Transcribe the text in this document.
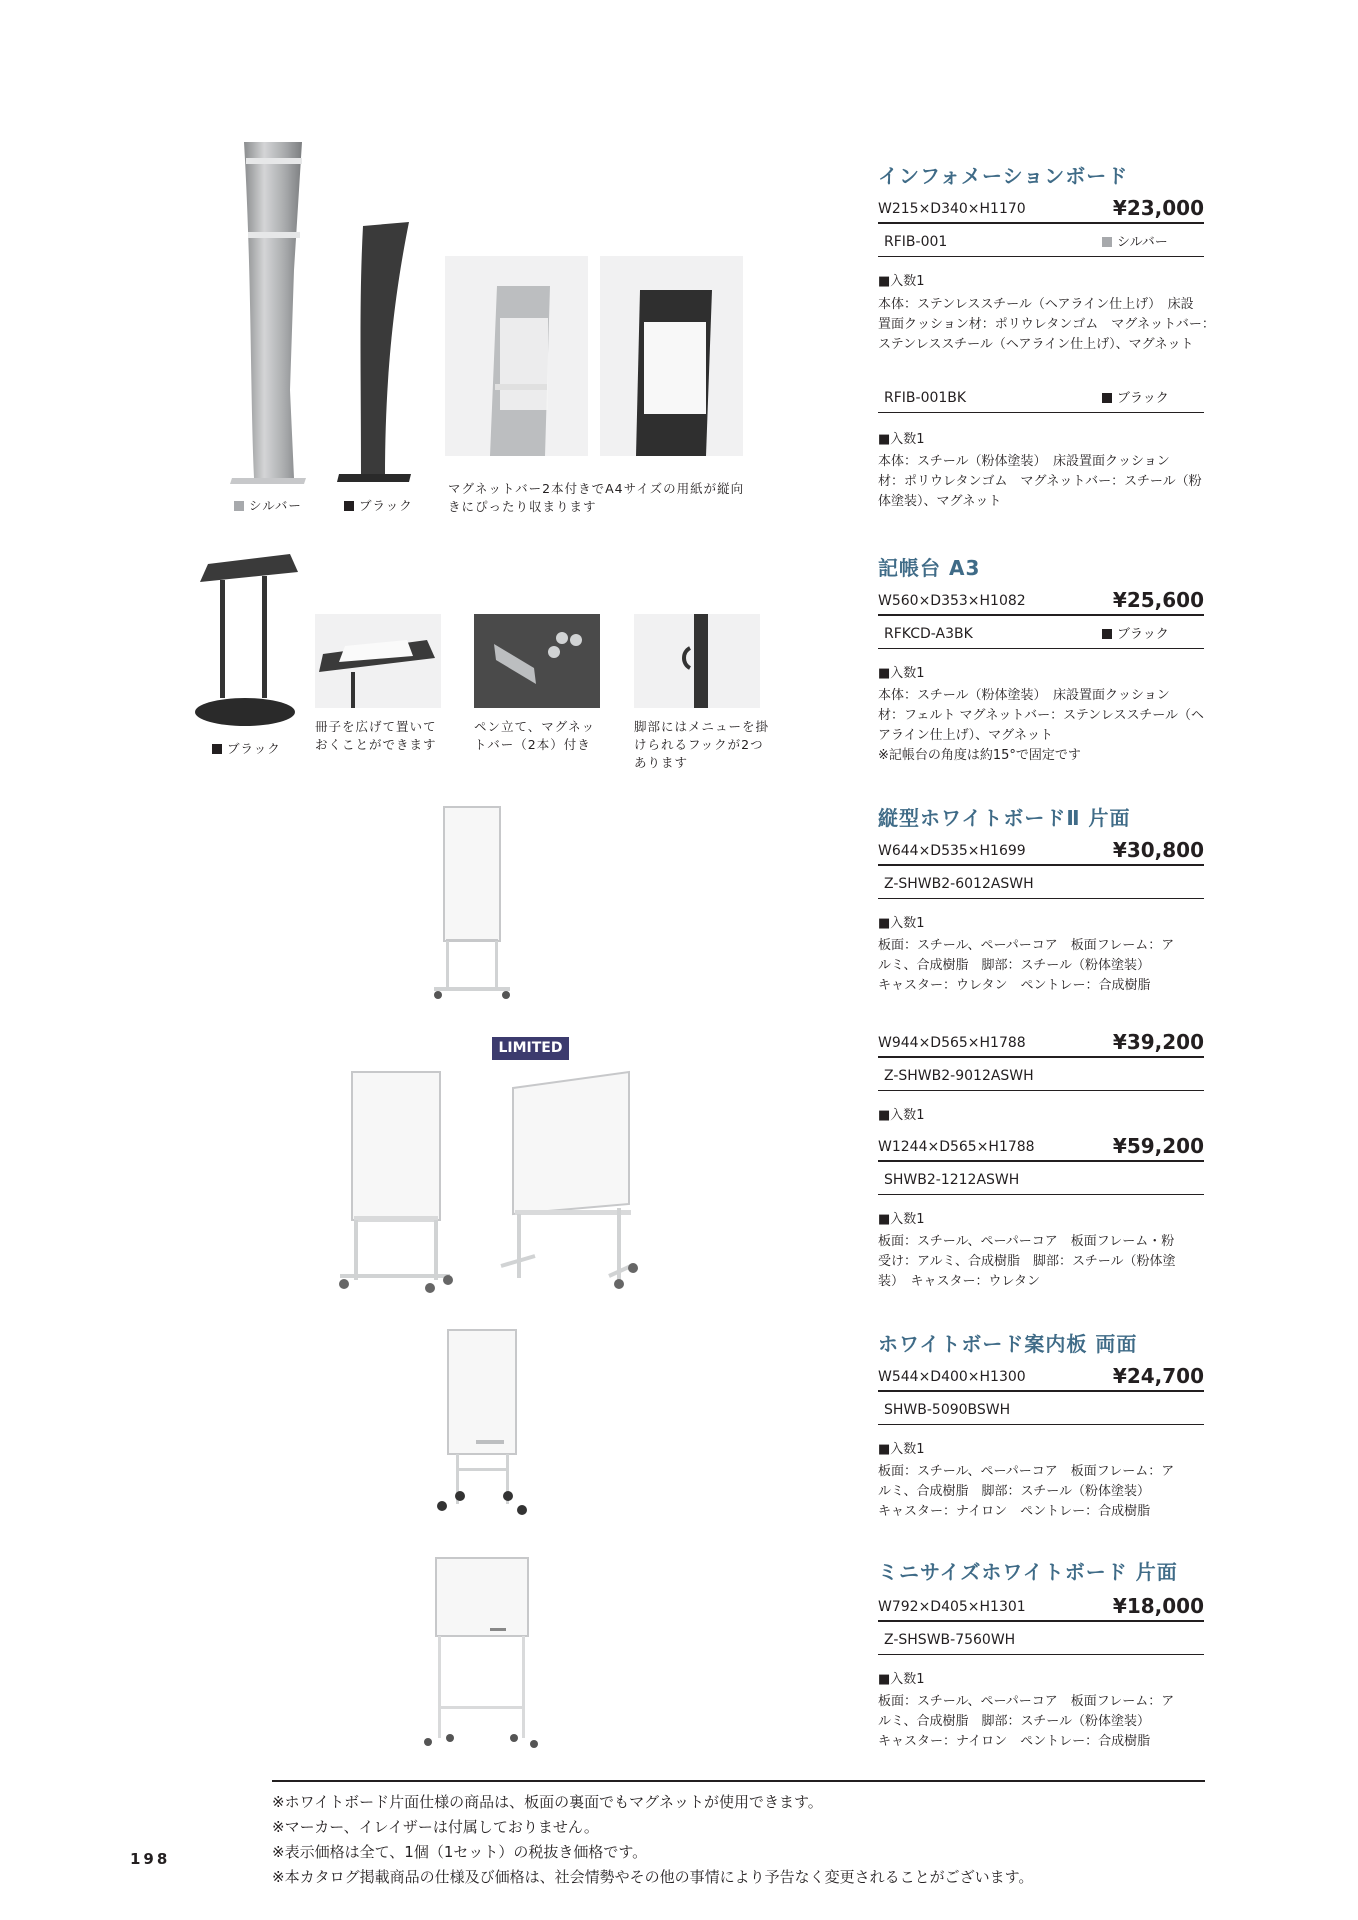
シルバー	ブラック
マグネットバー2本付きでA4サイズの用紙が縦向
きにぴったり収まります
ブラック
冊子を広げて置いて
おくことができます
ペン立て、マグネッ
トバー（2本）付き
脚部にはメニューを掛
けられるフックが2つ
あります
LIMITED
インフォメーションボード
W215×D340×H1170	¥23,000
RFIB-001	シルバー
■入数1
本体：ステンレススチール（ヘアライン仕上げ）　床設
置面クッション材：ポリウレタンゴム　マグネットバー：
ステンレススチール（ヘアライン仕上げ）、マグネット
RFIB-001BK	ブラック
■入数1
本体：スチール（粉体塗装）　床設置面クッション
材：ポリウレタンゴム　マグネットバー：スチール（粉
体塗装）、マグネット
記帳台 A3
W560×D353×H1082	¥25,600
RFKCD-A3BK	ブラック
■入数1
本体：スチール（粉体塗装）　床設置面クッション
材：フェルト マグネットバー：ステンレススチール（ヘ
アライン仕上げ）、マグネット
※記帳台の角度は約15°で固定です
縦型ホワイトボードⅡ 片面
W644×D535×H1699	¥30,800
Z-SHWB2-6012ASWH
■入数1
板面：スチール、ペーパーコア　板面フレーム：ア
ルミ、合成樹脂　脚部：スチール（粉体塗装）
キャスター：ウレタン　ペントレー：合成樹脂
W944×D565×H1788	¥39,200
Z-SHWB2-9012ASWH
■入数1
W1244×D565×H1788	¥59,200
SHWB2-1212ASWH
■入数1
板面：スチール、ペーパーコア　板面フレーム・粉
受け：アルミ、合成樹脂　脚部：スチール（粉体塗
装）　キャスター：ウレタン
ホワイトボード案内板 両面
W544×D400×H1300	¥24,700
SHWB-5090BSWH
■入数1
板面：スチール、ペーパーコア　板面フレーム：ア
ルミ、合成樹脂　脚部：スチール（粉体塗装）
キャスター：ナイロン　ペントレー：合成樹脂
ミニサイズホワイトボード 片面
W792×D405×H1301	¥18,000
Z-SHSWB-7560WH
■入数1
板面：スチール、ペーパーコア　板面フレーム：ア
ルミ、合成樹脂　脚部：スチール（粉体塗装）
キャスター：ナイロン　ペントレー：合成樹脂
※ホワイトボード片面仕様の商品は、板面の裏面でもマグネットが使用できます。
※マーカー、イレイザーは付属しておりません。
※表示価格は全て、1個（1セット）の税抜き価格です。
※本カタログ掲載商品の仕様及び価格は、社会情勢やその他の事情により予告なく変更されることがございます。
198
